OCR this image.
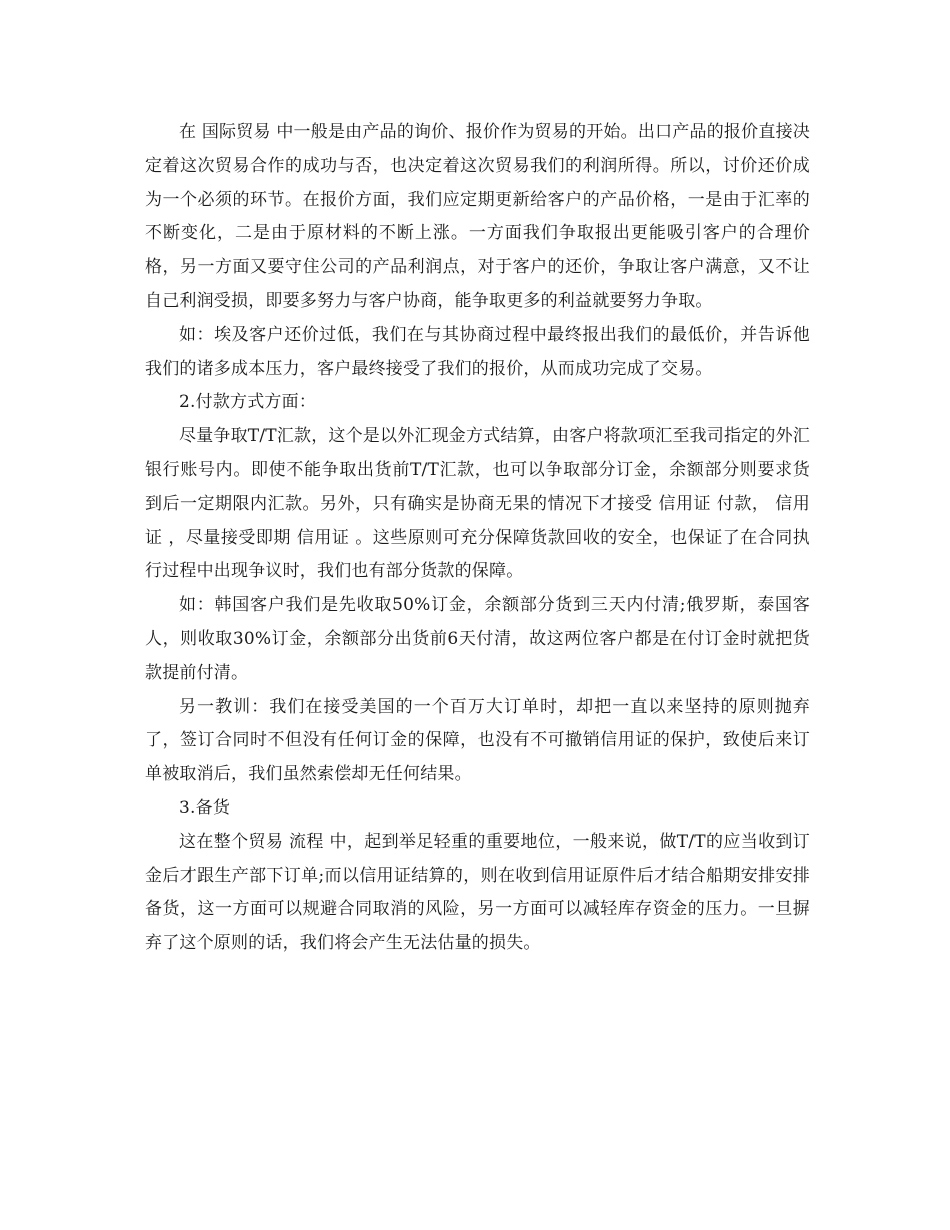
在 国际贸易 中一般是由产品的询价、报价作为贸易的开始。出口产品的报价直接决定着这次贸易合作的成功与否，也决定着这次贸易我们的利润所得。所以，讨价还价成为一个必须的环节。在报价方面，我们应定期更新给客户的产品价格，一是由于汇率的不断变化，二是由于原材料的不断上涨。一方面我们争取报出更能吸引客户的合理价格，另一方面又要守住公司的产品利润点，对于客户的还价，争取让客户满意，又不让自己利润受损，即要多努力与客户协商，能争取更多的利益就要努力争取。

如：埃及客户还价过低，我们在与其协商过程中最终报出我们的最低价，并告诉他我们的诸多成本压力，客户最终接受了我们的报价，从而成功完成了交易。

2.付款方式方面：

尽量争取T/T汇款，这个是以外汇现金方式结算，由客户将款项汇至我司指定的外汇银行账号内。即使不能争取出货前T/T汇款，也可以争取部分订金，余额部分则要求货到后一定期限内汇款。另外，只有确实是协商无果的情况下才接受 信用证 付款， 信用证 ，尽量接受即期 信用证 。这些原则可充分保障货款回收的安全，也保证了在合同执行过程中出现争议时，我们也有部分货款的保障。

如：韩国客户我们是先收取50%订金，余额部分货到三天内付清;俄罗斯，泰国客人，则收取30%订金，余额部分出货前6天付清，故这两位客户都是在付订金时就把货款提前付清。

另一教训：我们在接受美国的一个百万大订单时，却把一直以来坚持的原则抛弃了，签订合同时不但没有任何订金的保障，也没有不可撤销信用证的保护，致使后来订单被取消后，我们虽然索偿却无任何结果。

3.备货

这在整个贸易 流程 中，起到举足轻重的重要地位，一般来说，做T/T的应当收到订金后才跟生产部下订单;而以信用证结算的，则在收到信用证原件后才结合船期安排安排备货，这一方面可以规避合同取消的风险，另一方面可以减轻库存资金的压力。一旦摒弃了这个原则的话，我们将会产生无法估量的损失。
